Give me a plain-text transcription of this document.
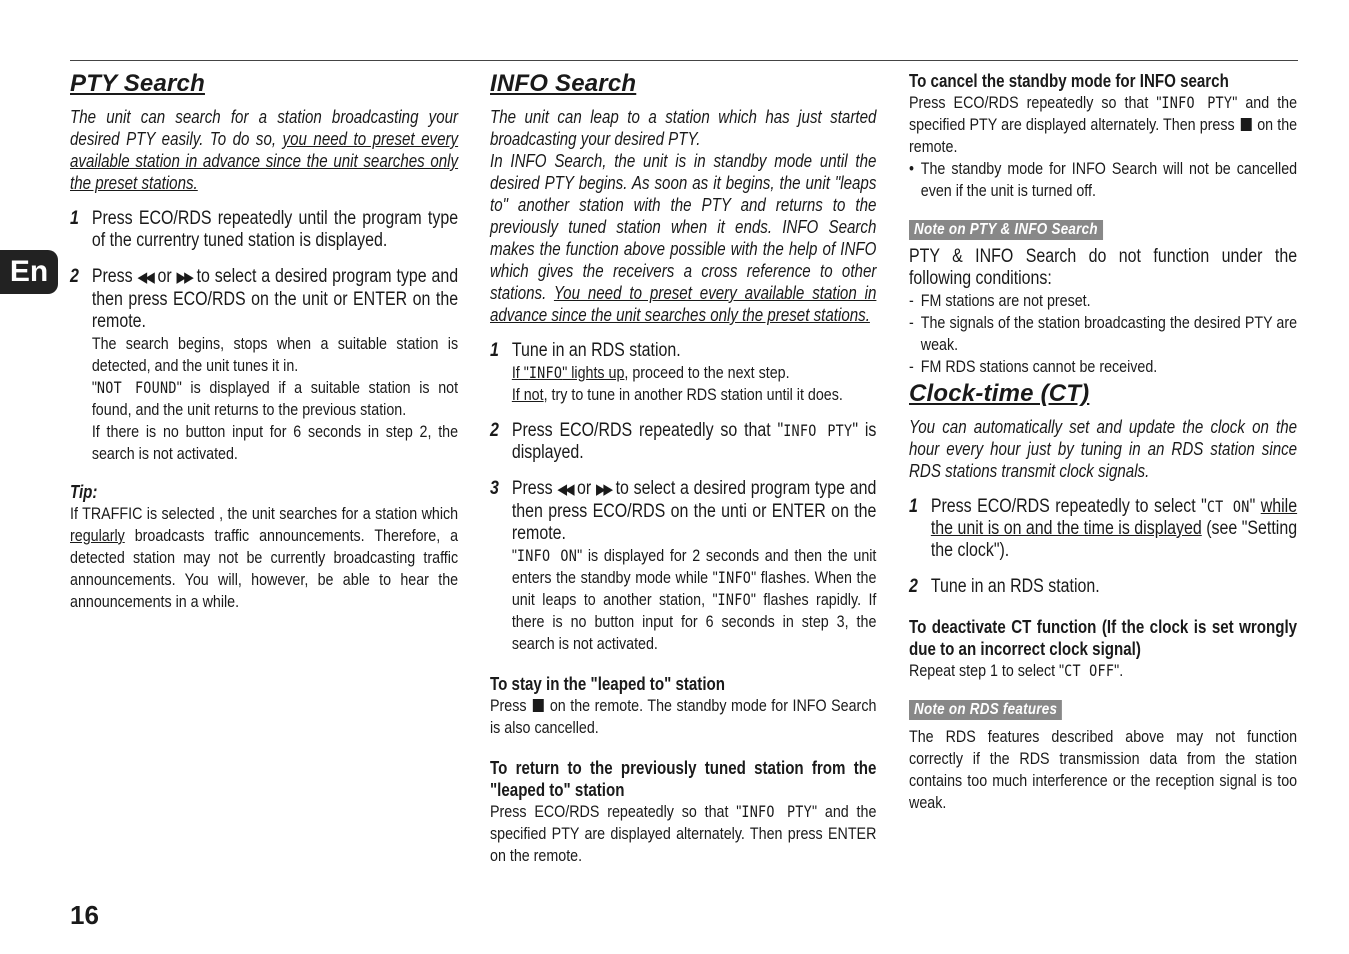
En
PTY Search

The unit can search for a station broadcasting your desired PTY easily. To do so, you need to preset every available station in advance since the unit searches only the preset stations.

1 Press ECO/RDS repeatedly until the program type of the currentry tuned station is displayed.

2 Press ◀◀ or ▶▶ to select a desired program type and then press ECO/RDS on the unit or ENTER on the remote.

The search begins, stops when a suitable station is detected, and the unit tunes it in.

"NOT FOUND" is displayed if a suitable station is not found, and the unit returns to the previous station.

If there is no button input for 6 seconds in step 2, the search is not activated.

Tip:

If TRAFFIC is selected , the unit searches for a station which regularly broadcasts traffic announcements. Therefore, a detected station may not be currently broadcasting traffic announcements. You will, however, be able to hear the announcements in a while.

INFO Search

The unit can leap to a station which has just started broadcasting your desired PTY.

In INFO Search, the unit is in standby mode until the desired PTY begins. As soon as it begins, the unit "leaps to" another station with the PTY and returns to the previously tuned station when it ends. INFO Search makes the function above possible with the help of INFO which gives the receivers a cross reference to other stations. You need to preset every available station in advance since the unit searches only the preset stations.

1 Tune in an RDS station.

If "INFO" lights up, proceed to the next step.

If not, try to tune in another RDS station until it does.

2 Press ECO/RDS repeatedly so that "INFO PTY" is displayed.

3 Press ◀◀ or ▶▶ to select a desired program type and then press ECO/RDS on the unti or ENTER on the remote.

"INFO ON" is displayed for 2 seconds and then the unit enters the standby mode while "INFO" flashes. When the unit leaps to another station, "INFO" flashes rapidly. If there is no button input for 6 seconds in step 3, the search is not activated.

To stay in the "leaped to" station

Press  on the remote. The standby mode for INFO Search is also cancelled.

To return to the previously tuned station from the "leaped to" station

Press ECO/RDS repeatedly so that "INFO PTY" and the specified PTY are displayed alternately. Then press ENTER on the remote.

To cancel the standby mode for INFO search

Press ECO/RDS repeatedly so that "INFO PTY" and the specified PTY are displayed alternately. Then press  on the remote.

• The standby mode for INFO Search will not be cancelled even if the unit is turned off.
Note on PTY & INFO Search

PTY & INFO Search do not function under the following conditions:

- FM stations are not preset.
- The signals of the station broadcasting the desired PTY are weak.
- FM RDS stations cannot be received.
Clock-time (CT)

You can automatically set and update the clock on the hour every hour just by tuning in an RDS station since RDS stations transmit clock signals.

1 Press ECO/RDS repeatedly to select "CT ON" while the unit is on and the time is displayed (see "Setting the clock").

2 Tune in an RDS station.

To deactivate CT function (If the clock is set wrongly due to an incorrect clock signal)

Repeat step 1 to select "CT OFF".

Note on RDS features

The RDS features described above may not function correctly if the RDS transmission data from the station contains too much interference or the reception signal is too weak.

16
